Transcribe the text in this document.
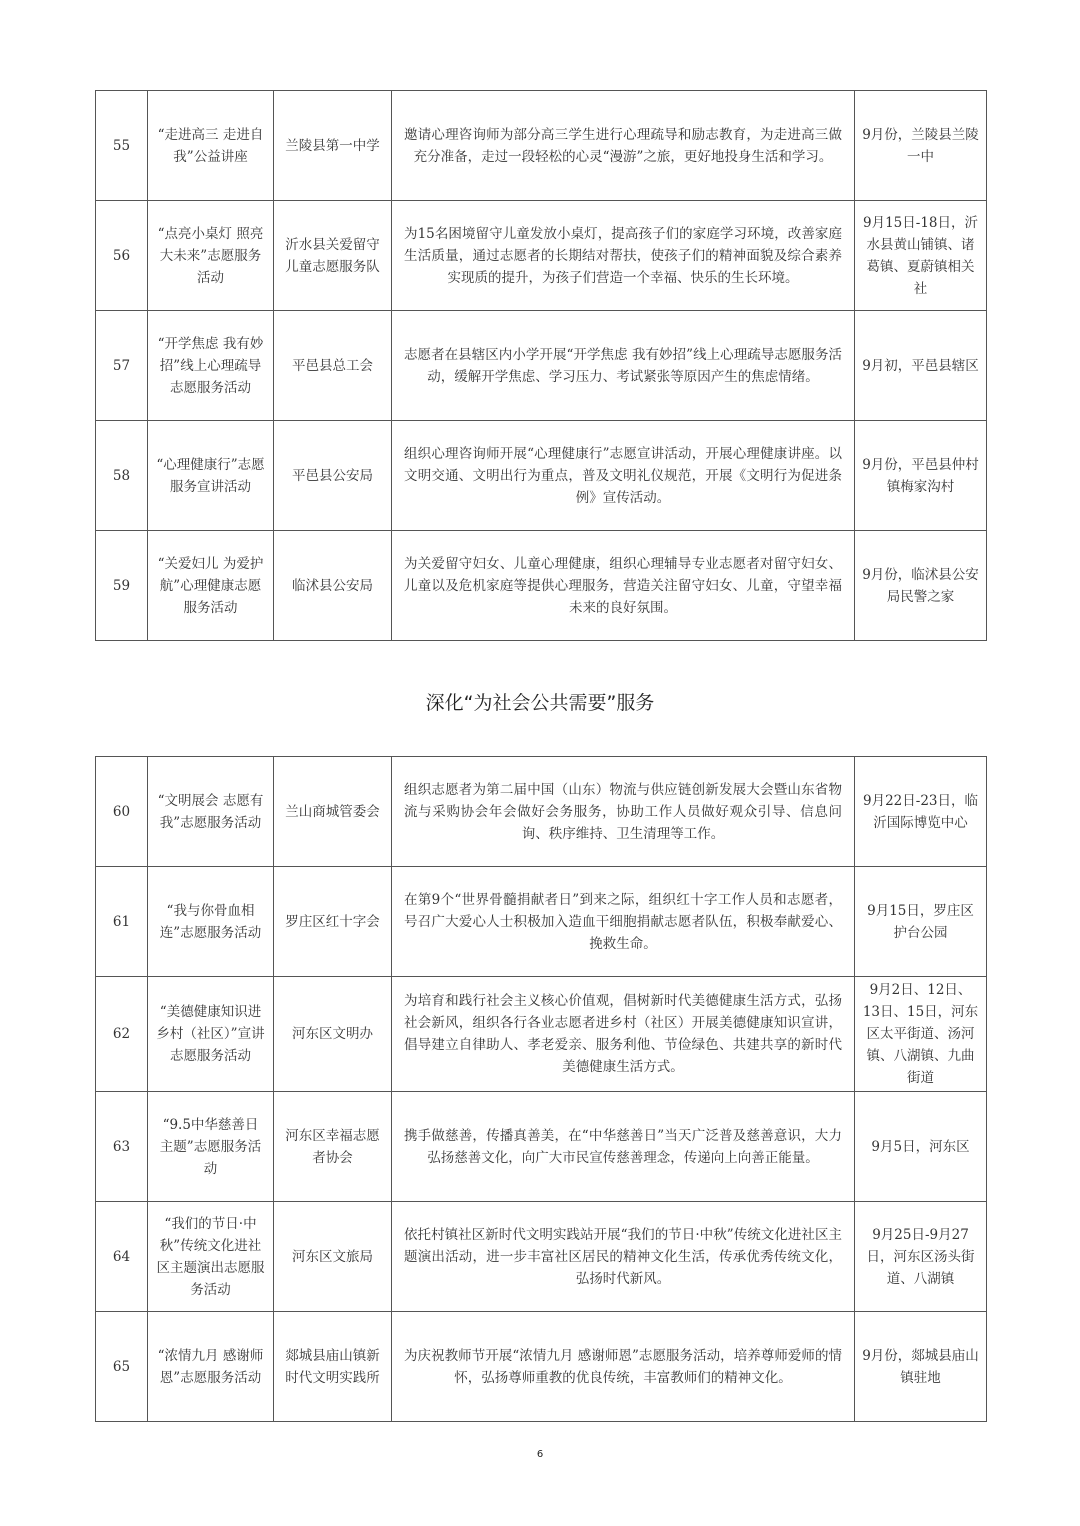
55	“走进高三 走进自我”公益讲座	兰陵县第一中学	邀请心理咨询师为部分高三学生进行心理疏导和励志教育，为走进高三做充分准备，走过一段轻松的心灵“漫游”之旅，更好地投身生活和学习。	9月份，兰陵县兰陵一中
56	“点亮小桌灯 照亮大未来”志愿服务活动	沂水县关爱留守儿童志愿服务队	为15名困境留守儿童发放小桌灯，提高孩子们的家庭学习环境，改善家庭生活质量，通过志愿者的长期结对帮扶，使孩子们的精神面貌及综合素养实现质的提升，为孩子们营造一个幸福、快乐的生长环境。	9月15日-18日，沂水县黄山铺镇、诸葛镇、夏蔚镇相关社
57	“开学焦虑 我有妙招”线上心理疏导志愿服务活动	平邑县总工会	志愿者在县辖区内小学开展“开学焦虑 我有妙招”线上心理疏导志愿服务活动，缓解开学焦虑、学习压力、考试紧张等原因产生的焦虑情绪。	9月初，平邑县辖区
58	“心理健康行”志愿服务宣讲活动	平邑县公安局	组织心理咨询师开展“心理健康行”志愿宣讲活动，开展心理健康讲座。以文明交通、文明出行为重点，普及文明礼仪规范，开展《文明行为促进条例》宣传活动。	9月份，平邑县仲村镇梅家沟村
59	“关爱妇儿 为爱护航”心理健康志愿服务活动	临沭县公安局	为关爱留守妇女、儿童心理健康，组织心理辅导专业志愿者对留守妇女、儿童以及危机家庭等提供心理服务，营造关注留守妇女、儿童，守望幸福未来的良好氛围。	9月份，临沭县公安局民警之家
深化“为社会公共需要”服务
60	“文明展会 志愿有我”志愿服务活动	兰山商城管委会	组织志愿者为第二届中国（山东）物流与供应链创新发展大会暨山东省物流与采购协会年会做好会务服务，协助工作人员做好观众引导、信息问询、秩序维持、卫生清理等工作。	9月22日-23日，临沂国际博览中心
61	“我与你骨血相连”志愿服务活动	罗庄区红十字会	在第9个“世界骨髓捐献者日”到来之际，组织红十字工作人员和志愿者，号召广大爱心人士积极加入造血干细胞捐献志愿者队伍，积极奉献爱心、挽救生命。	9月15日，罗庄区护台公园
62	“美德健康知识进乡村（社区）”宣讲志愿服务活动	河东区文明办	为培育和践行社会主义核心价值观，倡树新时代美德健康生活方式，弘扬社会新风，组织各行各业志愿者进乡村（社区）开展美德健康知识宣讲，倡导建立自律助人、孝老爱亲、服务利他、节俭绿色、共建共享的新时代美德健康生活方式。	9月2日、12日、13日、15日，河东区太平街道、汤河镇、八湖镇、九曲街道
63	“9.5中华慈善日主题”志愿服务活动	河东区幸福志愿者协会	携手做慈善，传播真善美，在“中华慈善日”当天广泛普及慈善意识，大力弘扬慈善文化，向广大市民宣传慈善理念，传递向上向善正能量。	9月5日，河东区
64	“我们的节日·中秋”传统文化进社区主题演出志愿服务活动	河东区文旅局	依托村镇社区新时代文明实践站开展“我们的节日·中秋”传统文化进社区主题演出活动，进一步丰富社区居民的精神文化生活，传承优秀传统文化，弘扬时代新风。	9月25日-9月27日，河东区汤头街道、八湖镇
65	“浓情九月 感谢师恩”志愿服务活动	郯城县庙山镇新时代文明实践所	为庆祝教师节开展“浓情九月 感谢师恩”志愿服务活动，培养尊师爱师的情怀，弘扬尊师重教的优良传统，丰富教师们的精神文化。	9月份，郯城县庙山镇驻地
6
